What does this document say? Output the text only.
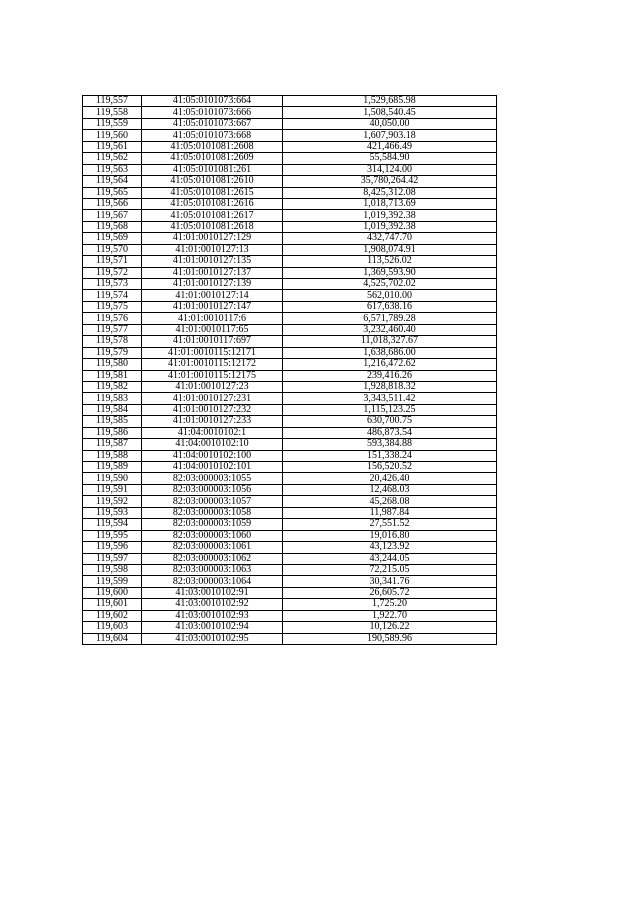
119,557	41:05:0101073:664	1,529,685.98
119,558	41:05:0101073:666	1,508,540.45
119,559	41:05:0101073:667	40,050.00
119,560	41:05:0101073:668	1,607,903.18
119,561	41:05:0101081:2608	421,466.49
119,562	41:05:0101081:2609	55,584.90
119,563	41:05:0101081:261	314,124.00
119,564	41:05:0101081:2610	35,780,264.42
119,565	41:05:0101081:2615	8,425,312.08
119,566	41:05:0101081:2616	1,018,713.69
119,567	41:05:0101081:2617	1,019,392.38
119,568	41:05:0101081:2618	1,019,392.38
119,569	41:01:0010127:129	432,747.70
119,570	41:01:0010127:13	1,908,074.91
119,571	41:01:0010127:135	113,526.02
119,572	41:01:0010127:137	1,369,593.90
119,573	41:01:0010127:139	4,525,702.02
119,574	41:01:0010127:14	562,010.00
119,575	41:01:0010127:147	617,638.16
119,576	41:01:0010117:6	6,571,789.28
119,577	41:01:0010117:65	3,232,460.40
119,578	41:01:0010117:697	11,018,327.67
119,579	41:01:0010115:12171	1,638,686.00
119,580	41:01:0010115:12172	1,216,472.62
119,581	41:01:0010115:12175	239,416.26
119,582	41:01:0010127:23	1,928,818.32
119,583	41:01:0010127:231	3,343,511.42
119,584	41:01:0010127:232	1,115,123.25
119,585	41:01:0010127:233	630,700.75
119,586	41:04:0010102:1	486,873.54
119,587	41:04:0010102:10	593,384.88
119,588	41:04:0010102:100	151,338.24
119,589	41:04:0010102:101	156,520.52
119,590	82:03:000003:1055	20,426.40
119,591	82:03:000003:1056	12,468.03
119,592	82:03:000003:1057	45,268.08
119,593	82:03:000003:1058	11,987.84
119,594	82:03:000003:1059	27,551.52
119,595	82:03:000003:1060	19,016.80
119,596	82:03:000003:1061	43,123.92
119,597	82:03:000003:1062	43,244.05
119,598	82:03:000003:1063	72,215.05
119,599	82:03:000003:1064	30,341.76
119,600	41:03:0010102:91	26,605.72
119,601	41:03:0010102:92	1,725.20
119,602	41:03:0010102:93	1,922.70
119,603	41:03:0010102:94	10,126.22
119,604	41:03:0010102:95	190,589.96
